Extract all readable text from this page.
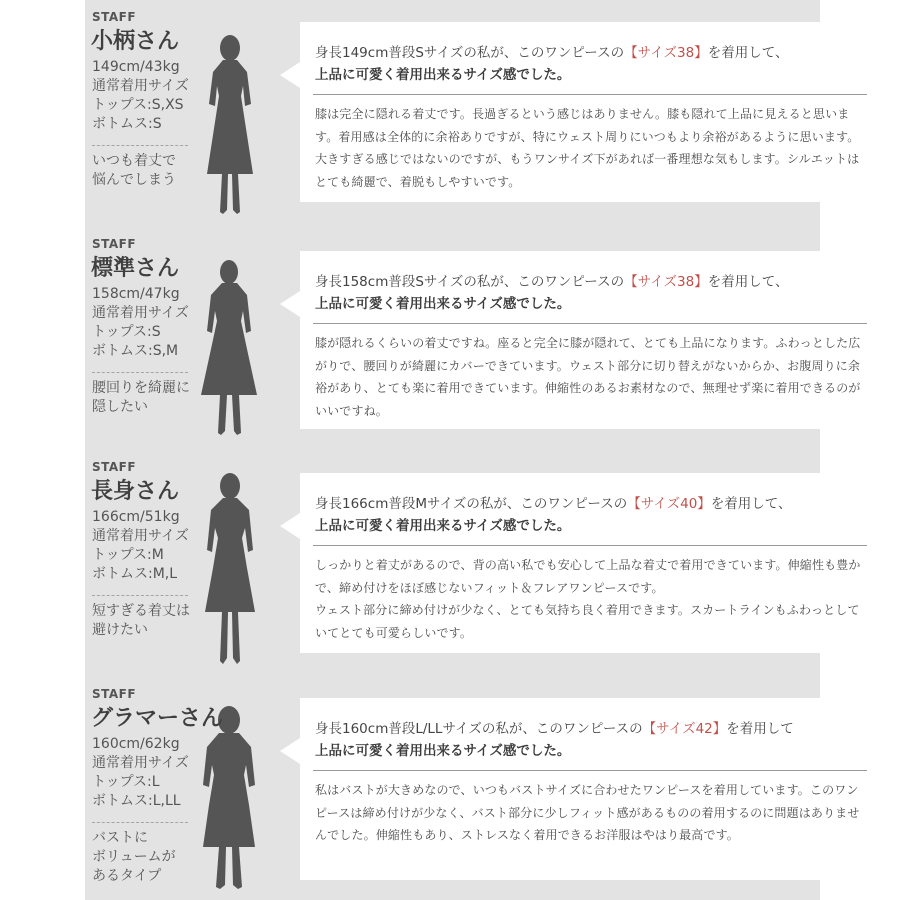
STAFF
小柄さん
149cm/43kg
通常着用サイズ
トップス:S,XS
ボトムス:S
いつも着丈で
悩んでしまう
身長149cm普段Sサイズの私が、このワンピースの【サイズ38】を着用して、
上品に可愛く着用出来るサイズ感でした。
膝は完全に隠れる着丈です。長過ぎるという感じはありません。膝も隠れて上品に見えると思います。着用感は全体的に余裕ありですが、特にウェスト周りにいつもより余裕があるように思います。大きすぎる感じではないのですが、もうワンサイズ下があれば一番理想な気もします。シルエットはとても綺麗で、着脱もしやすいです。
STAFF
標準さん
158cm/47kg
通常着用サイズ
トップス:S
ボトムス:S,M
腰回りを綺麗に
隠したい
身長158cm普段Sサイズの私が、このワンピースの【サイズ38】を着用して、
上品に可愛く着用出来るサイズ感でした。
膝が隠れるくらいの着丈ですね。座ると完全に膝が隠れて、とても上品になります。ふわっとした広がりで、腰回りが綺麗にカバーできています。ウェスト部分に切り替えがないからか、お腹周りに余裕があり、とても楽に着用できています。伸縮性のあるお素材なので、無理せず楽に着用できるのがいいですね。
STAFF
長身さん
166cm/51kg
通常着用サイズ
トップス:M
ボトムス:M,L
短すぎる着丈は
避けたい
身長166cm普段Mサイズの私が、このワンピースの【サイズ40】を着用して、
上品に可愛く着用出来るサイズ感でした。
しっかりと着丈があるので、背の高い私でも安心して上品な着丈で着用できています。伸縮性も豊かで、締め付けをほぼ感じないフィット＆フレアワンピースです。
ウェスト部分に締め付けが少なく、とても気持ち良く着用できます。スカートラインもふわっとしていてとても可愛らしいです。
STAFF
グラマーさん
160cm/62kg
通常着用サイズ
トップス:L
ボトムス:L,LL
バストに
ボリュームが
あるタイプ
身長160cm普段L/LLサイズの私が、このワンピースの【サイズ42】を着用して
上品に可愛く着用出来るサイズ感でした。
私はバストが大きめなので、いつもバストサイズに合わせたワンピースを着用しています。このワンピースは締め付けが少なく、バスト部分に少しフィット感があるものの着用するのに問題はありませんでした。伸縮性もあり、ストレスなく着用できるお洋服はやはり最高です。
